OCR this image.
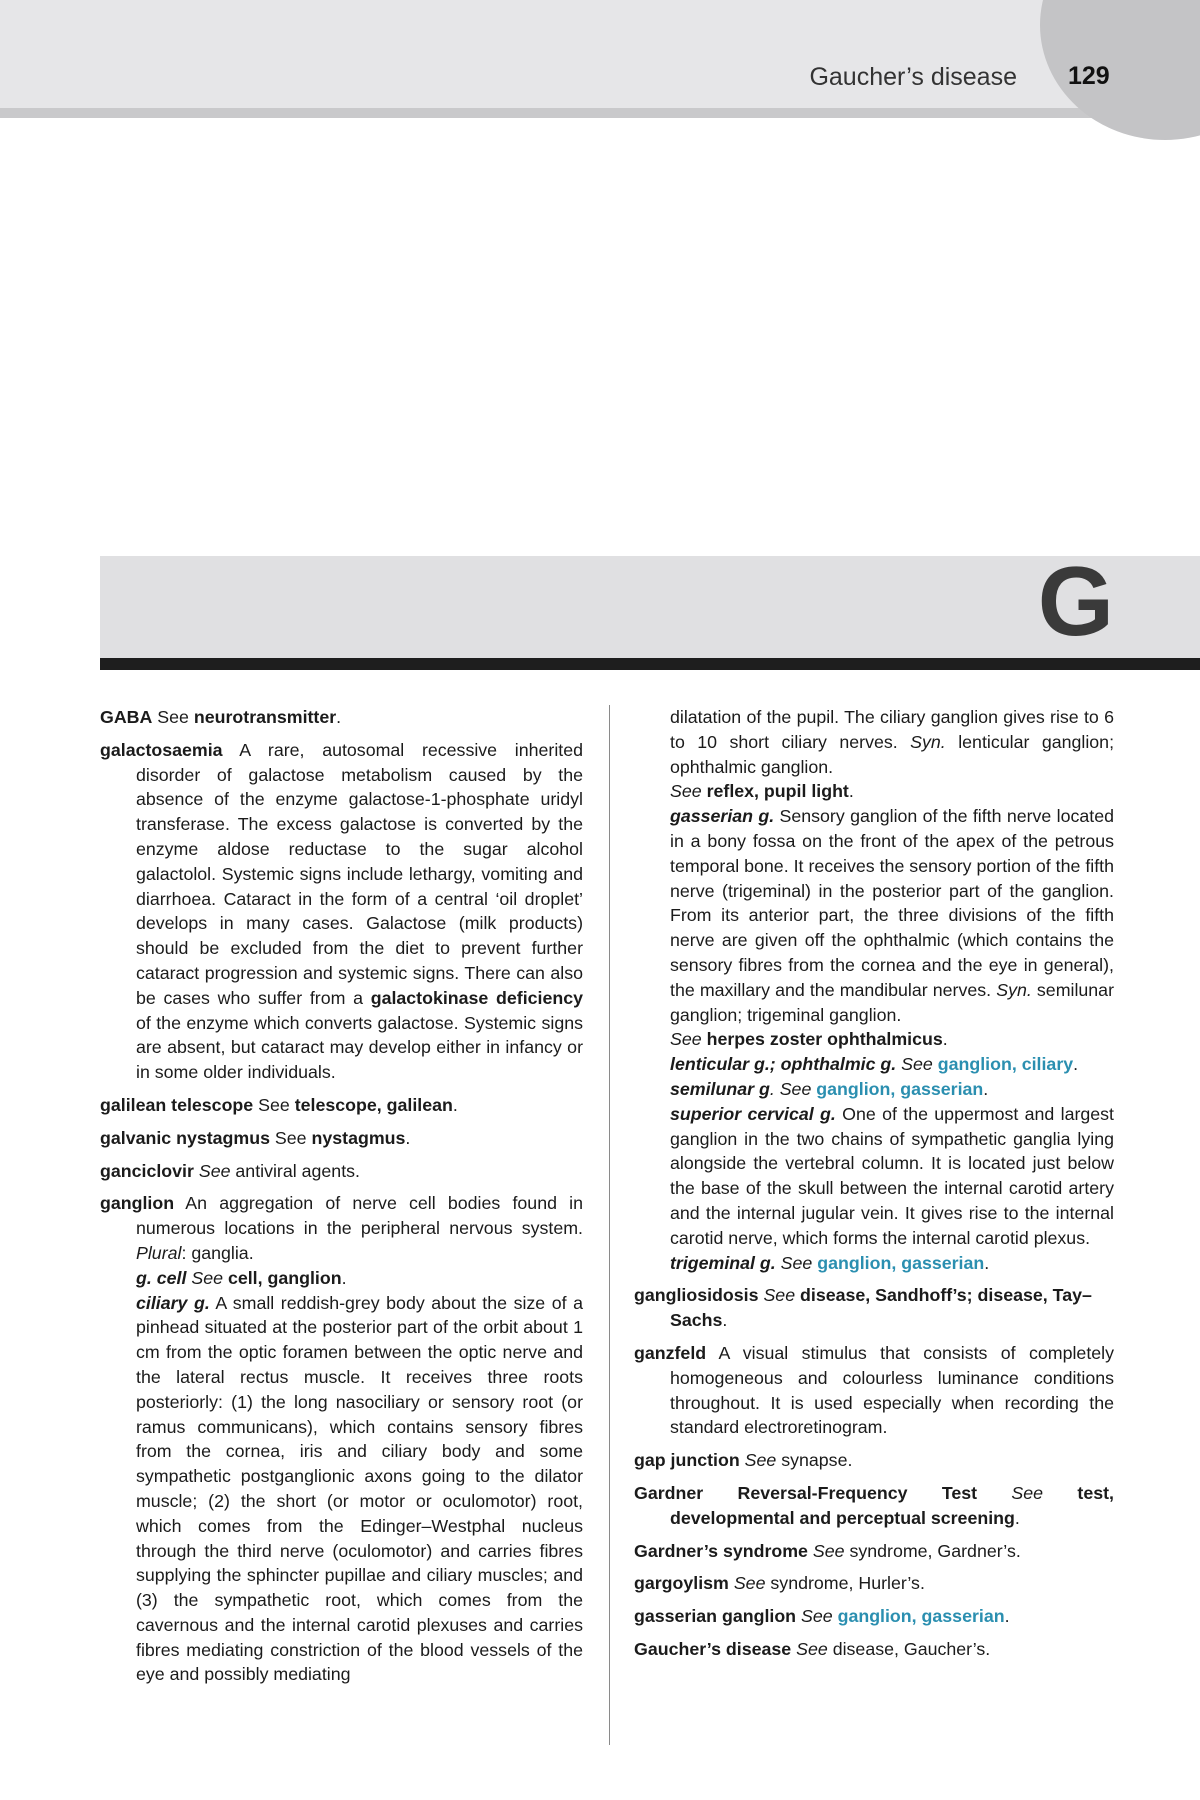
Gaucher’s disease 129
G

GABA See neurotransmitter.

galactosaemia A rare, autosomal recessive inherited disorder of galactose metabolism caused by the absence of the enzyme galactose-1-phosphate uridyl transferase. The excess galactose is converted by the enzyme aldose reductase to the sugar alcohol galactolol. Systemic signs include lethargy, vomiting and diarrhoea. Cataract in the form of a central ‘oil droplet’ develops in many cases. Galactose (milk products) should be excluded from the diet to prevent further cataract progression and systemic signs. There can also be cases who suffer from a galactokinase deficiency of the enzyme which converts galactose. Systemic signs are absent, but cataract may develop either in infancy or in some older individuals.

galilean telescope See telescope, galilean.

galvanic nystagmus See nystagmus.

ganciclovir See antiviral agents.

ganglion An aggregation of nerve cell bodies found in numerous locations in the peripheral nervous system. Plural: ganglia.

g. cell See cell, ganglion.

ciliary g. A small reddish-grey body about the size of a pinhead situated at the posterior part of the orbit about 1 cm from the optic foramen between the optic nerve and the lateral rectus muscle. It receives three roots posteriorly: (1) the long nasociliary or sensory root (or ramus communicans), which contains sensory fibres from the cornea, iris and ciliary body and some sympathetic postganglionic axons going to the dilator muscle; (2) the short (or motor or oculomotor) root, which comes from the Edinger–Westphal nucleus through the third nerve (oculomotor) and carries fibres supplying the sphincter pupillae and ciliary muscles; and (3) the sympathetic root, which comes from the cavernous and the internal carotid plexuses and carries fibres mediating constriction of the blood vessels of the eye and possibly mediating

dilatation of the pupil. The ciliary ganglion gives rise to 6 to 10 short ciliary nerves. Syn. lenticular ganglion; ophthalmic ganglion.

See reflex, pupil light.

gasserian g. Sensory ganglion of the fifth nerve located in a bony fossa on the front of the apex of the petrous temporal bone. It receives the sensory portion of the fifth nerve (trigeminal) in the posterior part of the ganglion. From its anterior part, the three divisions of the fifth nerve are given off the ophthalmic (which contains the sensory fibres from the cornea and the eye in general), the maxillary and the mandibular nerves. Syn. semilunar ganglion; trigeminal ganglion.

See herpes zoster ophthalmicus.

lenticular g.; ophthalmic g. See ganglion, ciliary.

semilunar g. See ganglion, gasserian.

superior cervical g. One of the uppermost and largest ganglion in the two chains of sympathetic ganglia lying alongside the vertebral column. It is located just below the base of the skull between the internal carotid artery and the internal jugular vein. It gives rise to the internal carotid nerve, which forms the internal carotid plexus.

trigeminal g. See ganglion, gasserian.

gangliosidosis See disease, Sandhoff’s; disease, Tay–Sachs.

ganzfeld A visual stimulus that consists of completely homogeneous and colourless luminance conditions throughout. It is used especially when recording the standard electroretinogram.

gap junction See synapse.

Gardner Reversal-Frequency Test See test, developmental and perceptual screening.

Gardner’s syndrome See syndrome, Gardner’s.

gargoylism See syndrome, Hurler’s.

gasserian ganglion See ganglion, gasserian.

Gaucher’s disease See disease, Gaucher’s.
